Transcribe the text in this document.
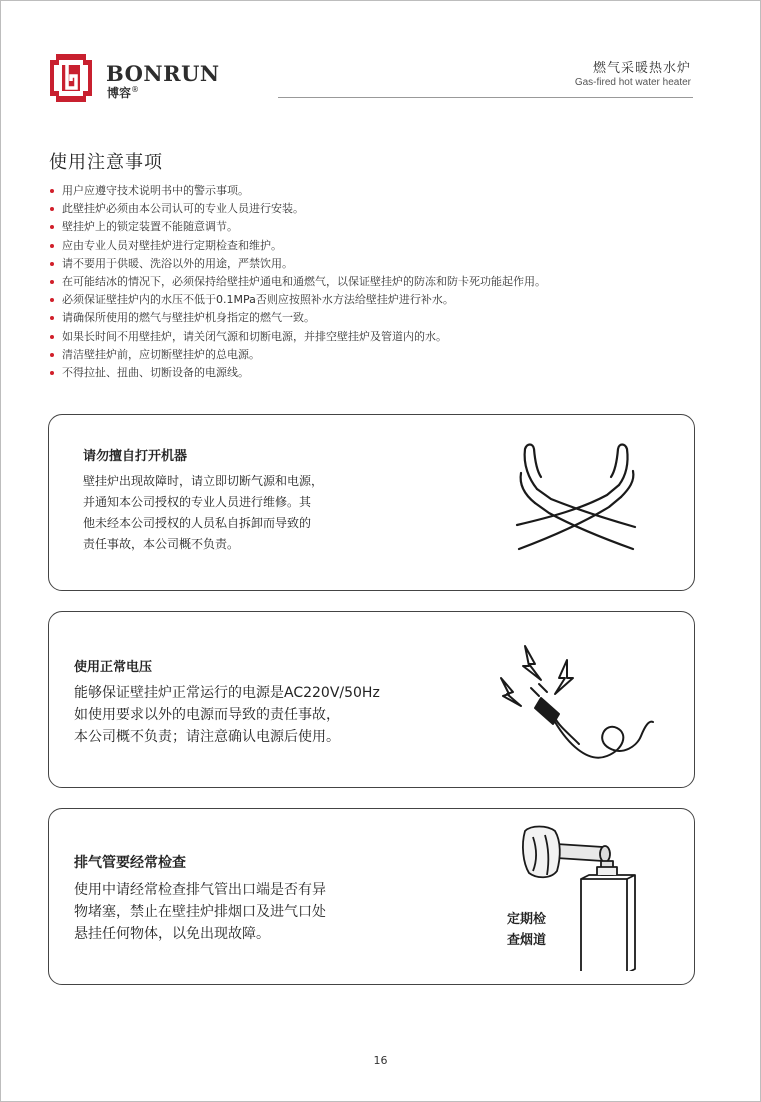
BONRUN
博容®
燃气采暖热水炉
Gas-fired hot water heater
使用注意事项
用户应遵守技术说明书中的警示事项。
此壁挂炉必须由本公司认可的专业人员进行安装。
壁挂炉上的锁定装置不能随意调节。
应由专业人员对壁挂炉进行定期检查和维护。
请不要用于供暖、洗浴以外的用途，严禁饮用。
在可能结冰的情况下，必须保持给壁挂炉通电和通燃气，以保证壁挂炉的防冻和防卡死功能起作用。
必须保证壁挂炉内的水压不低于0.1MPa否则应按照补水方法给壁挂炉进行补水。
请确保所使用的燃气与壁挂炉机身指定的燃气一致。
如果长时间不用壁挂炉，请关闭气源和切断电源，并排空壁挂炉及管道内的水。
清洁壁挂炉前，应切断壁挂炉的总电源。
不得拉扯、扭曲、切断设备的电源线。
请勿擅自打开机器
壁挂炉出现故障时，请立即切断气源和电源，
并通知本公司授权的专业人员进行维修。其
他未经本公司授权的人员私自拆卸而导致的
责任事故，本公司概不负责。
使用正常电压
能够保证壁挂炉正常运行的电源是AC220V/50Hz
如使用要求以外的电源而导致的责任事故，
本公司概不负责；请注意确认电源后使用。
排气管要经常检查
使用中请经常检查排气管出口端是否有异
物堵塞，禁止在壁挂炉排烟口及进气口处
悬挂任何物体，以免出现故障。
定期检
查烟道
16
